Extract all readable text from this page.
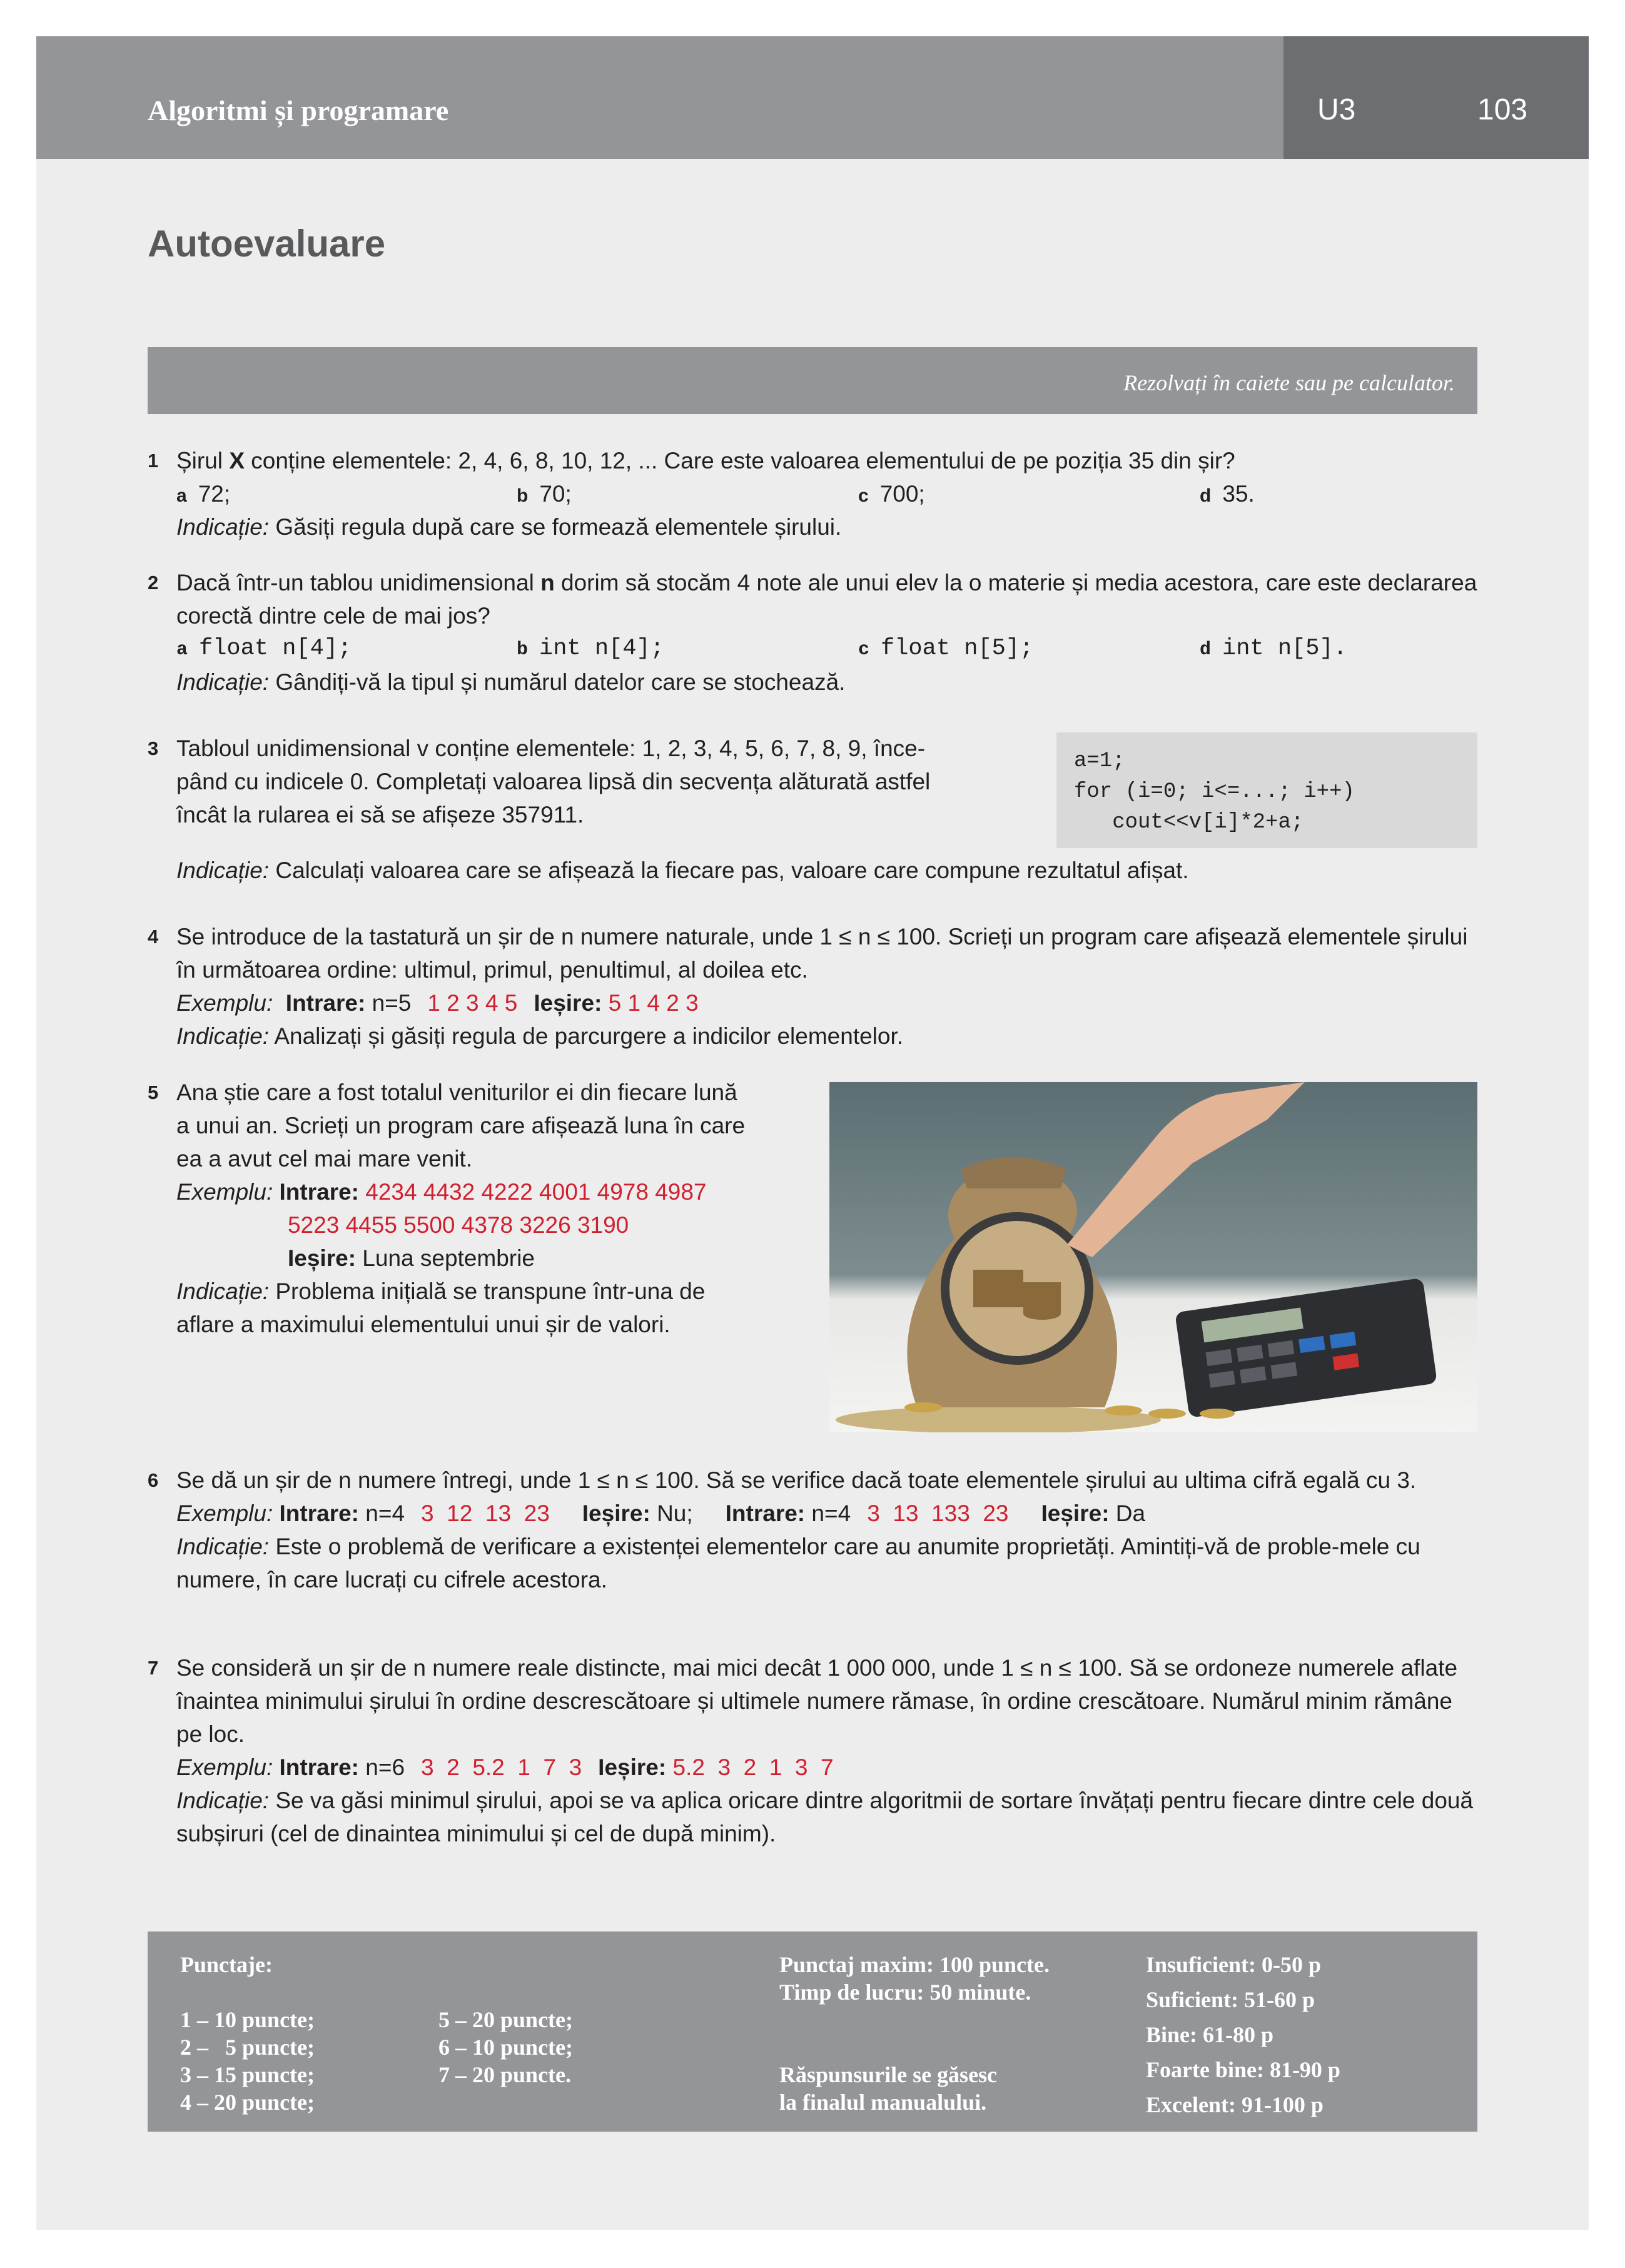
Algoritmi și programare	U3	103
Autoevaluare
Rezolvați în caiete sau pe calculator.
1 Șirul X conține elementele: 2, 4, 6, 8, 10, 12, ... Care este valoarea elementului de pe poziția 35 din șir?
a 72;	b 70;	c 700;	d 35.
Indicație: Găsiți regula după care se formează elementele șirului.
2 Dacă într-un tablou unidimensional n dorim să stocăm 4 note ale unui elev la o materie și media acestora, care este declararea corectă dintre cele de mai jos?
a float n[4];	b int n[4];	c float n[5];	d int n[5].
Indicație: Gândiți-vă la tipul și numărul datelor care se stochează.
3 Tabloul unidimensional v conține elementele: 1, 2, 3, 4, 5, 6, 7, 8, 9, înce-
pând cu indicele 0. Completați valoarea lipsă din secvența alăturată astfel
încât la rularea ei să se afișeze 357911.
Indicație: Calculați valoarea care se afișează la fiecare pas, valoare care compune rezultatul afișat.
a=1;
for (i=0; i<=...; i++)
cout<<v[i]*2+a;
4 Se introduce de la tastatură un șir de n numere naturale, unde 1 ≤ n ≤ 100. Scrieți un program care afișează elementele șirului în următoarea ordine: ultimul, primul, penultimul, al doilea etc.
Exemplu: Intrare: n=5 1 2 3 4 5 Ieșire: 5 1 4 2 3
Indicație: Analizați și găsiți regula de parcurgere a indicilor elementelor.
5 Ana știe care a fost totalul veniturilor ei din fiecare lună
a unui an. Scrieți un program care afișează luna în care
ea a avut cel mai mare venit.
Exemplu: Intrare: 4234 4432 4222 4001 4978 4987
5223 4455 5500 4378 3226 3190
Ieșire: Luna septembrie
Indicație: Problema inițială se transpune într-una de
aflare a maximului elementului unui șir de valori.
6 Se dă un șir de n numere întregi, unde 1 ≤ n ≤ 100. Să se verifice dacă toate elementele șirului au ultima cifră egală cu 3.
Exemplu: Intrare: n=4 3  12  13  23 Ieșire: Nu; Intrare: n=4 3  13  133  23 Ieșire: Da
Indicație: Este o problemă de verificare a existenței elementelor care au anumite proprietăți. Amintiți-vă de proble-mele cu numere, în care lucrați cu cifrele acestora.
7 Se consideră un șir de n numere reale distincte, mai mici decât 1 000 000, unde 1 ≤ n ≤ 100. Să se ordoneze numerele aflate înaintea minimului șirului în ordine descrescătoare și ultimele numere rămase, în ordine crescătoare. Numărul minim rămâne pe loc.
Exemplu: Intrare: n=6 3  2  5.2  1  7  3 Ieșire: 5.2  3  2  1  3  7
Indicație: Se va găsi minimul șirului, apoi se va aplica oricare dintre algoritmii de sortare învățați pentru fiecare dintre cele două subșiruri (cel de dinaintea minimului și cel de după minim).
Punctaje:
1 – 10 puncte;
2 –   5 puncte;
3 – 15 puncte;
4 – 20 puncte;
5 – 20 puncte;
6 – 10 puncte;
7 – 20 puncte.
Punctaj maxim: 100 puncte.
Timp de lucru: 50 minute.
Răspunsurile se găsesc
la finalul manualului.
Insuficient: 0-50 p
Suficient: 51-60 p
Bine: 61-80 p
Foarte bine: 81-90 p
Excelent: 91-100 p
